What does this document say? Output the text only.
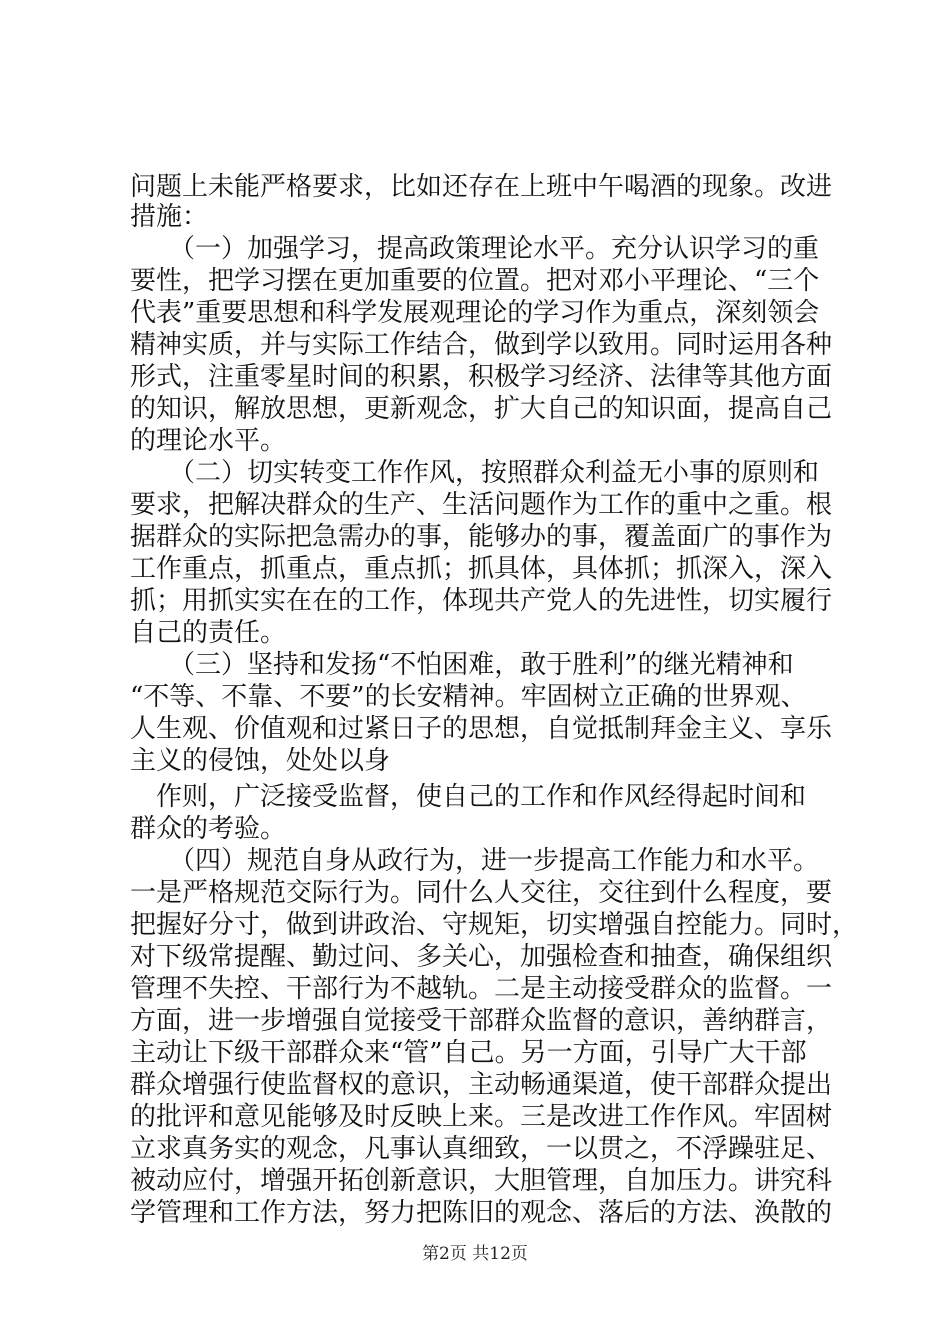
问题上未能严格要求，比如还存在上班中午喝酒的现象。改进
措施：
　　（一）加强学习，提高政策理论水平。充分认识学习的重
要性，把学习摆在更加重要的位置。把对邓小平理论、“三个
代表”重要思想和科学发展观理论的学习作为重点，深刻领会
精神实质，并与实际工作结合，做到学以致用。同时运用各种
形式，注重零星时间的积累，积极学习经济、法律等其他方面
的知识，解放思想，更新观念，扩大自己的知识面，提高自己
的理论水平。
　　（二）切实转变工作作风，按照群众利益无小事的原则和
要求，把解决群众的生产、生活问题作为工作的重中之重。根
据群众的实际把急需办的事，能够办的事，覆盖面广的事作为
工作重点，抓重点，重点抓；抓具体，具体抓；抓深入，深入
抓；用抓实实在在的工作，体现共产党人的先进性，切实履行
自己的责任。
　　（三）坚持和发扬“不怕困难，敢于胜利”的继光精神和
“不等、不靠、不要”的长安精神。牢固树立正确的世界观、
人生观、价值观和过紧日子的思想，自觉抵制拜金主义、享乐
主义的侵蚀，处处以身
　作则，广泛接受监督，使自己的工作和作风经得起时间和
群众的考验。
　　（四）规范自身从政行为，进一步提高工作能力和水平。
一是严格规范交际行为。同什么人交往，交往到什么程度，要
把握好分寸，做到讲政治、守规矩，切实增强自控能力。同时，
对下级常提醒、勤过问、多关心，加强检查和抽查，确保组织
管理不失控、干部行为不越轨。二是主动接受群众的监督。一
方面，进一步增强自觉接受干部群众监督的意识，善纳群言，
主动让下级干部群众来“管”自己。另一方面，引导广大干部
群众增强行使监督权的意识，主动畅通渠道，使干部群众提出
的批评和意见能够及时反映上来。三是改进工作作风。牢固树
立求真务实的观念，凡事认真细致，一以贯之，不浮躁驻足、
被动应付，增强开拓创新意识，大胆管理，自加压力。讲究科
学管理和工作方法，努力把陈旧的观念、落后的方法、涣散的
第2页 共12页
